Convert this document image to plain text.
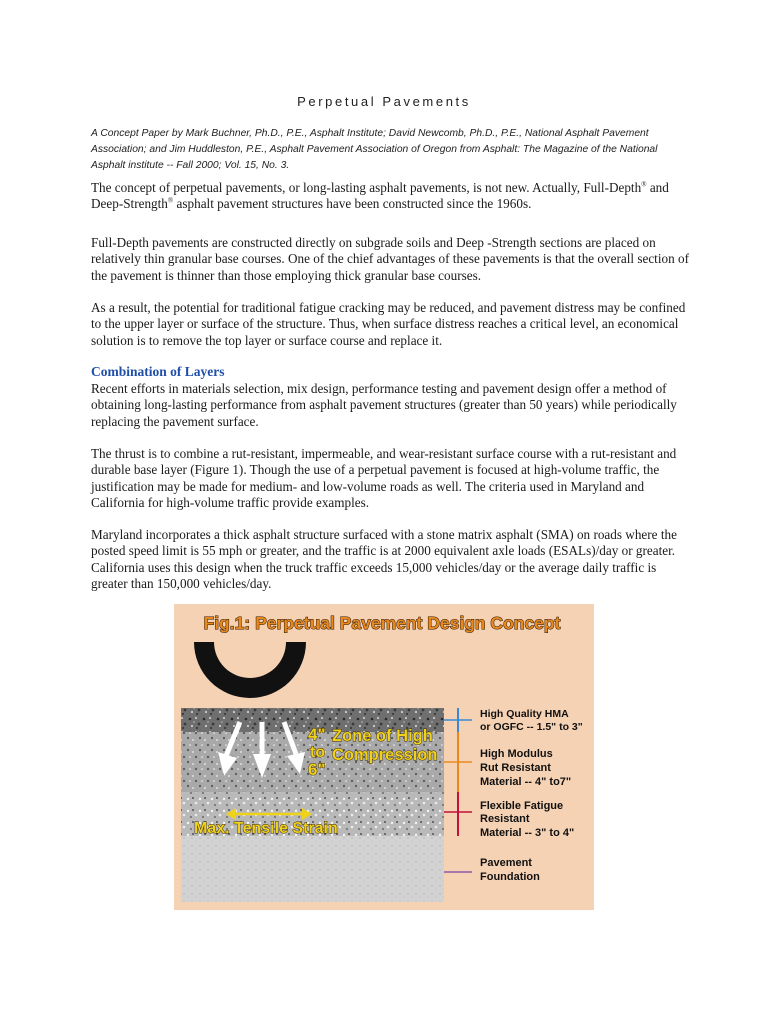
Perpetual Pavements
A Concept Paper by Mark Buchner, Ph.D., P.E., Asphalt Institute; David Newcomb, Ph.D., P.E., National Asphalt Pavement Association; and Jim Huddleston, P.E., Asphalt Pavement Association of Oregon from Asphalt: The Magazine of the National Asphalt institute -- Fall 2000; Vol. 15, No. 3.

The concept of perpetual pavements, or long-lasting asphalt pavements, is not new. Actually, Full-Depth® and Deep-Strength® asphalt pavement structures have been constructed since the 1960s.

Full-Depth pavements are constructed directly on subgrade soils and Deep -Strength sections are placed on relatively thin granular base courses. One of the chief advantages of these pavements is that the overall section of the pavement is thinner than those employing thick granular base courses.

As a result, the potential for traditional fatigue cracking may be reduced, and pavement distress may be confined to the upper layer or surface of the structure. Thus, when surface distress reaches a critical level, an economical solution is to remove the top layer or surface course and replace it.

Combination of Layers

Recent efforts in materials selection, mix design, performance testing and pavement design offer a method of obtaining long-lasting performance from asphalt pavement structures (greater than 50 years) while periodically replacing the pavement surface.

The thrust is to combine a rut-resistant, impermeable, and wear-resistant surface course with a rut-resistant and durable base layer (Figure 1). Though the use of a perpetual pavement is focused at high-volume traffic, the justification may be made for medium- and low-volume roads as well. The criteria used in Maryland and California for high-volume traffic provide examples.

Maryland incorporates a thick asphalt structure surfaced with a stone matrix asphalt (SMA) on roads where the posted speed limit is 55 mph or greater, and the traffic is at 2000 equivalent axle loads (ESALs)/day or greater. California uses this design when the truck traffic exceeds 15,000 vehicles/day or the average daily traffic is greater than 150,000 vehicles/day.

Fig.1: Perpetual Pavement Design Concept
4"
to
6"
Zone of High
Compression
Max. Tensile Strain
High Quality HMA
or OGFC -- 1.5" to 3"
High Modulus
Rut Resistant
Material -- 4" to7"
Flexible Fatigue
Resistant
Material -- 3" to 4"
Pavement
Foundation
